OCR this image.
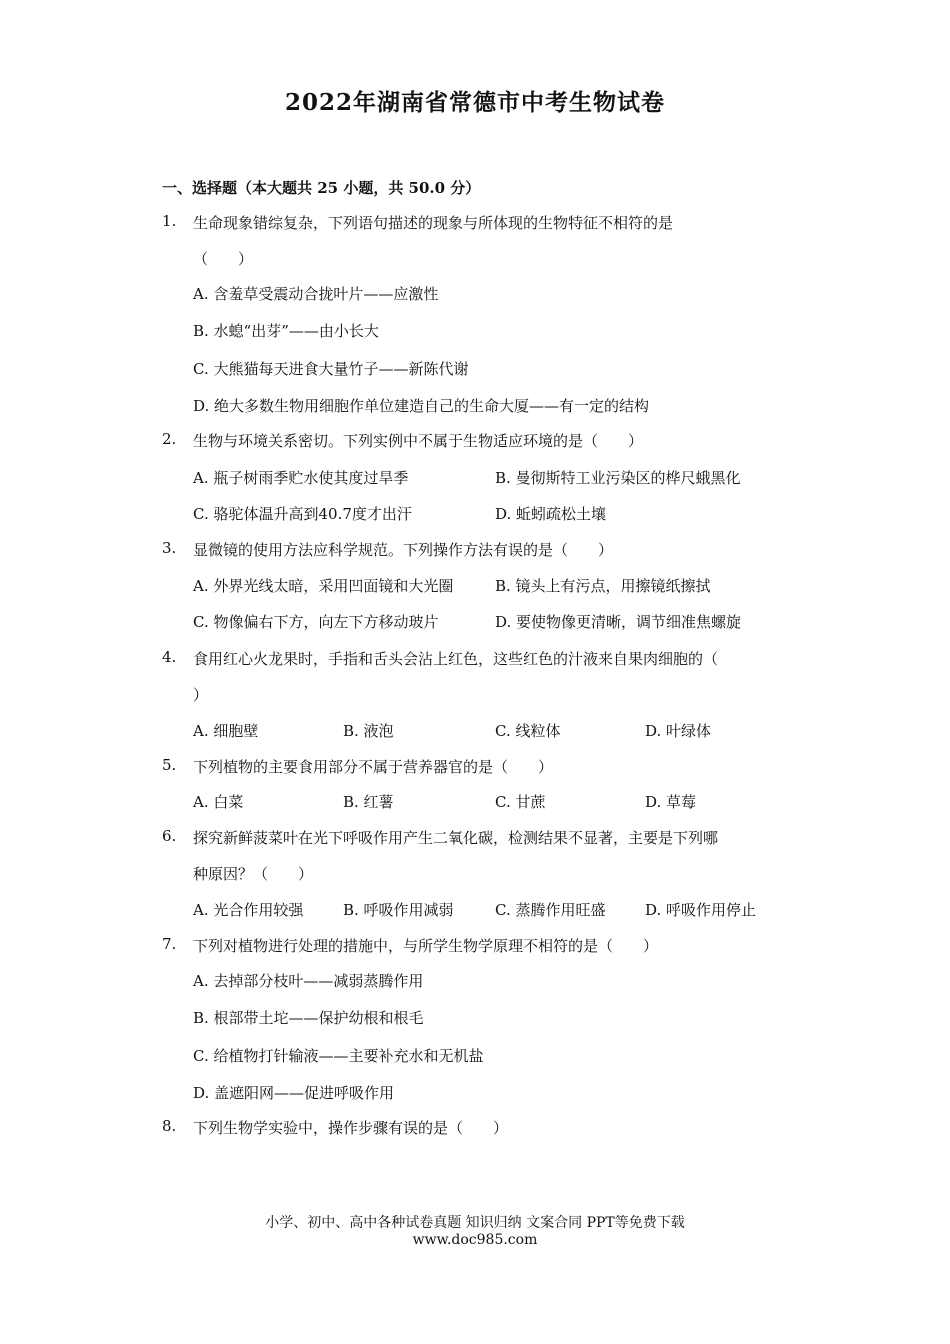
2022年湖南省常德市中考生物试卷
一、选择题（本大题共 25 小题，共 50.0 分）
1. 生命现象错综复杂，下列语句描述的现象与所体现的生物特征不相符的是
（　　）
A. 含羞草受震动合拢叶片——应激性
B. 水螅“出芽”——由小长大
C. 大熊猫每天进食大量竹子——新陈代谢
D. 绝大多数生物用细胞作单位建造自己的生命大厦——有一定的结构
2. 生物与环境关系密切。下列实例中不属于生物适应环境的是（　　）
A. 瓶子树雨季贮水使其度过旱季	B. 曼彻斯特工业污染区的桦尺蛾黑化
C. 骆驼体温升高到40.7度才出汗	D. 蚯蚓疏松土壤
3. 显微镜的使用方法应科学规范。下列操作方法有误的是（　　）
A. 外界光线太暗，采用凹面镜和大光圈	B. 镜头上有污点，用擦镜纸擦拭
C. 物像偏右下方，向左下方移动玻片	D. 要使物像更清晰，调节细准焦螺旋
4. 食用红心火龙果时，手指和舌头会沾上红色，这些红色的汁液来自果肉细胞的（
）
A. 细胞壁	B. 液泡	C. 线粒体	D. 叶绿体
5. 下列植物的主要食用部分不属于营养器官的是（　　）
A. 白菜	B. 红薯	C. 甘蔗	D. 草莓
6. 探究新鲜菠菜叶在光下呼吸作用产生二氧化碳，检测结果不显著，主要是下列哪
种原因？（　　）
A. 光合作用较强	B. 呼吸作用减弱	C. 蒸腾作用旺盛	D. 呼吸作用停止
7. 下列对植物进行处理的措施中，与所学生物学原理不相符的是（　　）
A. 去掉部分枝叶——减弱蒸腾作用
B. 根部带土坨——保护幼根和根毛
C. 给植物打针输液——主要补充水和无机盐
D. 盖遮阳网——促进呼吸作用
8. 下列生物学实验中，操作步骤有误的是（　　）
小学、初中、高中各种试卷真题 知识归纳 文案合同 PPT等免费下载
www.doc985.com
